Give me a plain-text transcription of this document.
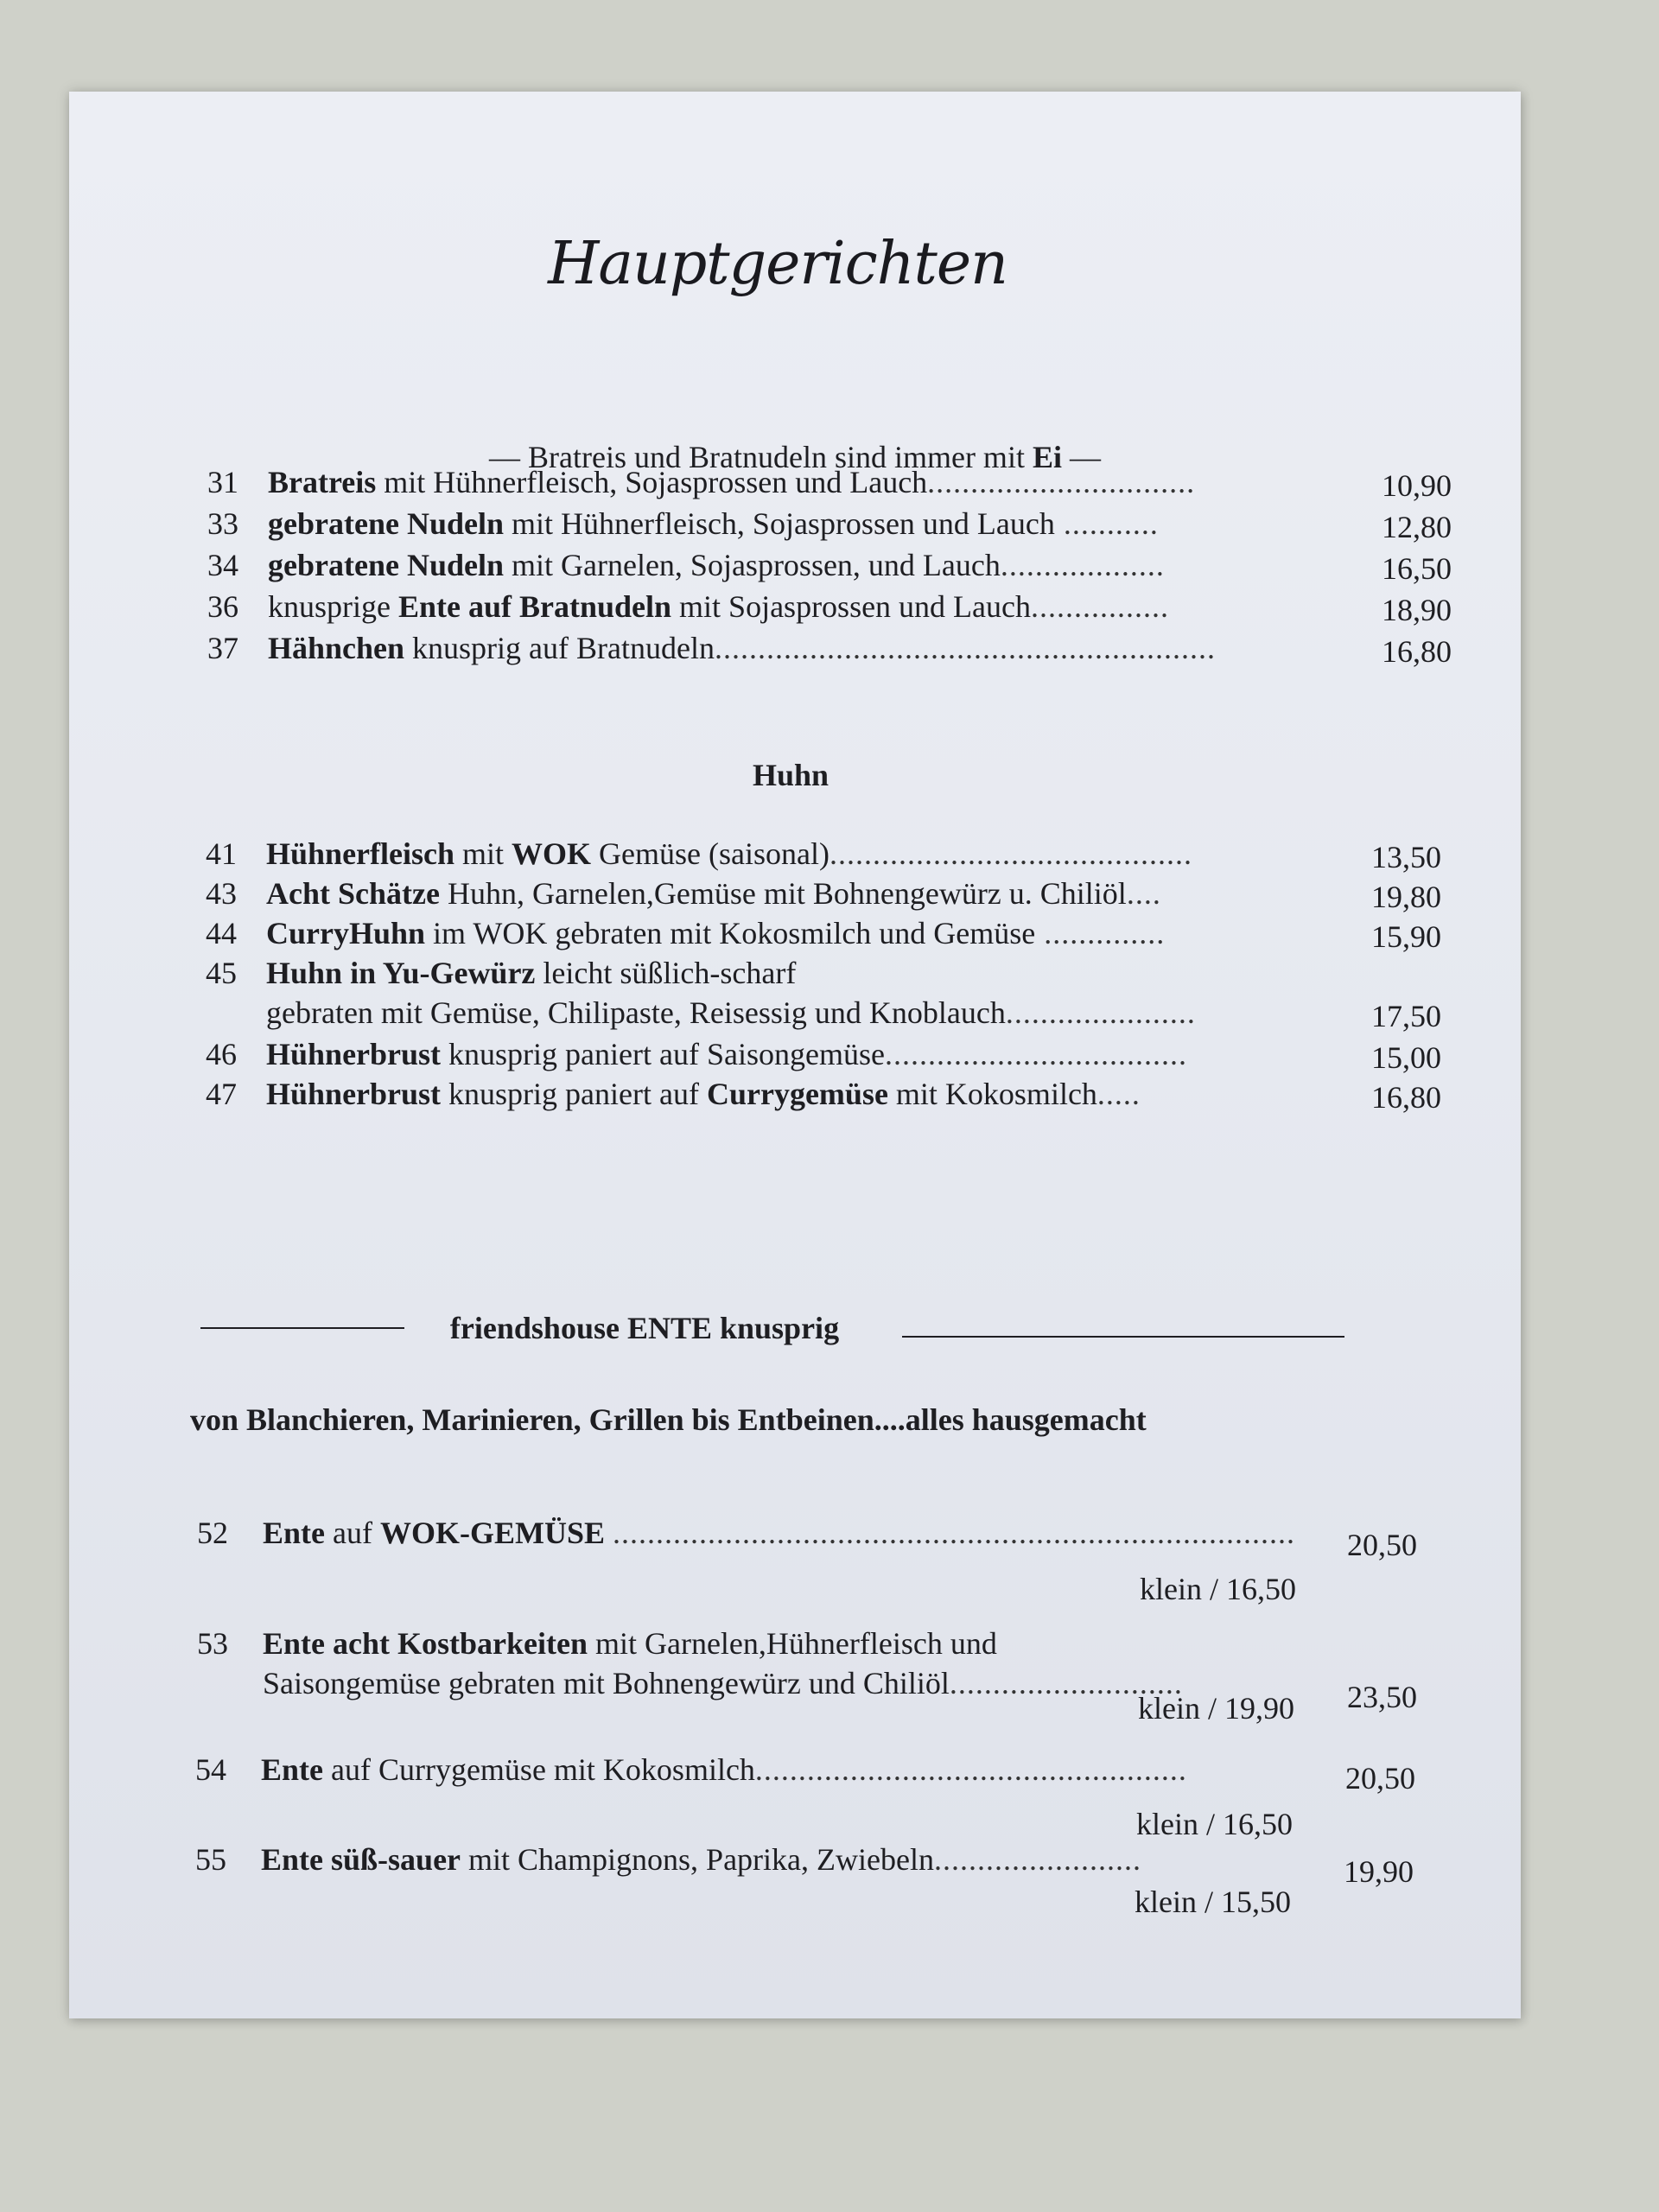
Hauptgerichten
— Bratreis und Bratnudeln sind immer mit Ei —
31 Bratreis mit Hühnerfleisch, Sojasprossen und Lauch...............................	10,90
33 gebratene Nudeln mit Hühnerfleisch, Sojasprossen und Lauch ...........	12,80
34 gebratene Nudeln mit Garnelen, Sojasprossen, und Lauch...................	16,50
36 knusprige Ente auf Bratnudeln mit Sojasprossen und Lauch................	18,90
37 Hähnchen knusprig auf Bratnudeln..........................................................	16,80
Huhn
41 Hühnerfleisch mit WOK Gemüse (saisonal)..........................................	13,50
43 Acht Schätze Huhn, Garnelen,Gemüse mit Bohnengewürz u. Chiliöl....	19,80
44 CurryHuhn im WOK gebraten mit Kokosmilch und Gemüse ..............	15,90
45 Huhn in Yu-Gewürz leicht süßlich-scharf
gebraten mit Gemüse, Chilipaste, Reisessig und Knoblauch......................	17,50
46 Hühnerbrust knusprig paniert auf Saisongemüse...................................	15,00
47 Hühnerbrust knusprig paniert auf Currygemüse mit Kokosmilch.....	16,80
friendshouse ENTE knusprig
von Blanchieren, Marinieren, Grillen bis Entbeinen....alles hausgemacht
52 Ente auf WOK-GEMÜSE ...............................................................................	20,50
klein / 16,50
53 Ente acht Kostbarkeiten mit Garnelen,Hühnerfleisch und
Saisongemüse gebraten mit Bohnengewürz und Chiliöl...........................	23,50
klein / 19,90
54 Ente auf Currygemüse mit Kokosmilch..................................................	20,50
klein / 16,50
55 Ente süß-sauer mit Champignons, Paprika, Zwiebeln........................	19,90
klein / 15,50
